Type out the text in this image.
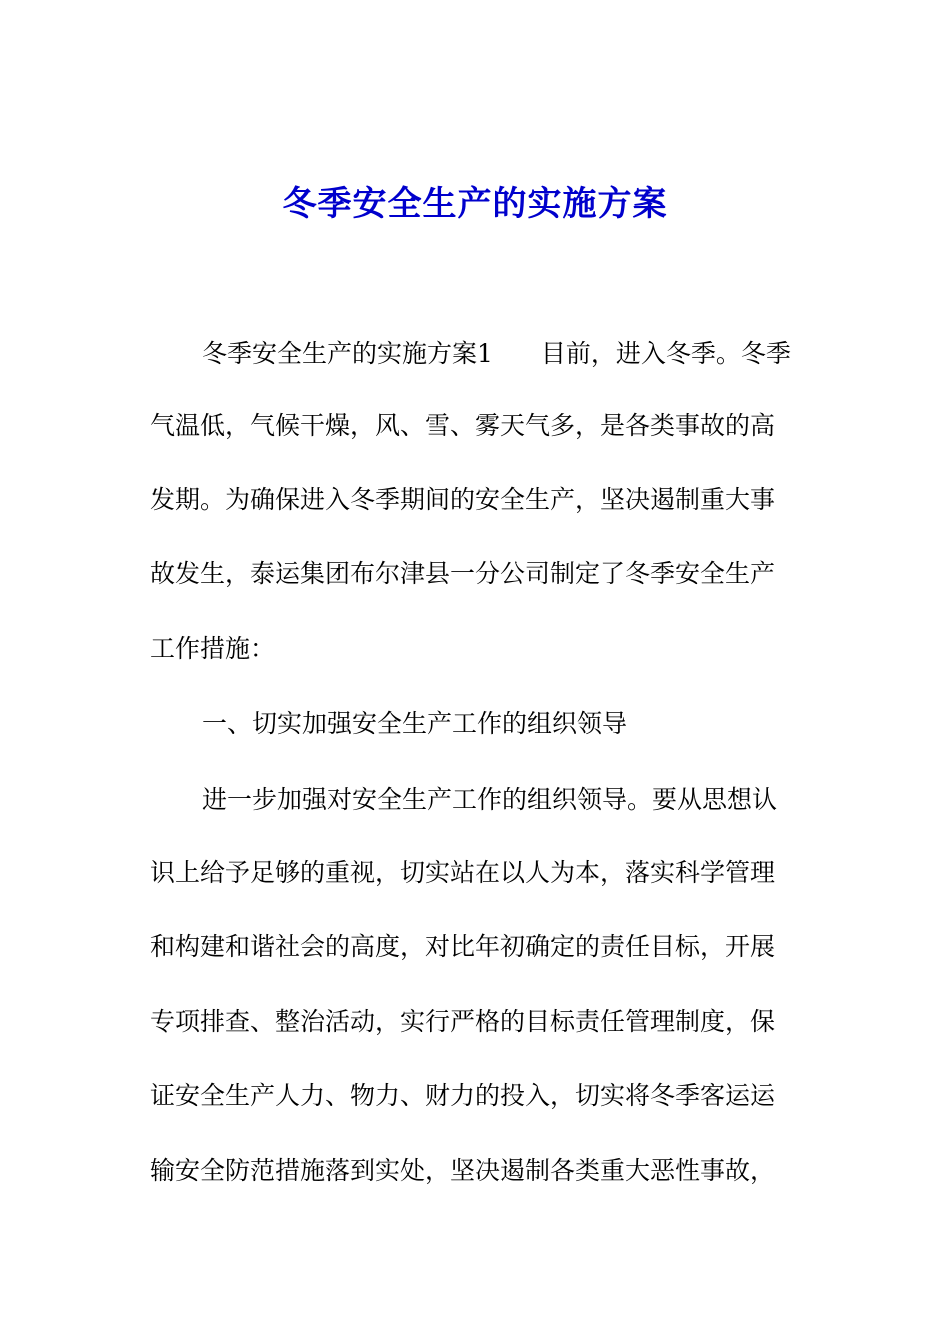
冬季安全生产的实施方案
冬季安全生产的实施方案1 目前，进入冬季。冬季
气温低，气候干燥，风、雪、雾天气多，是各类事故的高
发期。为确保进入冬季期间的安全生产，坚决遏制重大事
故发生，泰运集团布尔津县一分公司制定了冬季安全生产
工作措施：
一、切实加强安全生产工作的组织领导
进一步加强对安全生产工作的组织领导。要从思想认
识上给予足够的重视，切实站在以人为本，落实科学管理
和构建和谐社会的高度，对比年初确定的责任目标，开展
专项排查、整治活动，实行严格的目标责任管理制度，保
证安全生产人力、物力、财力的投入，切实将冬季客运运
输安全防范措施落到实处，坚决遏制各类重大恶性事故，
